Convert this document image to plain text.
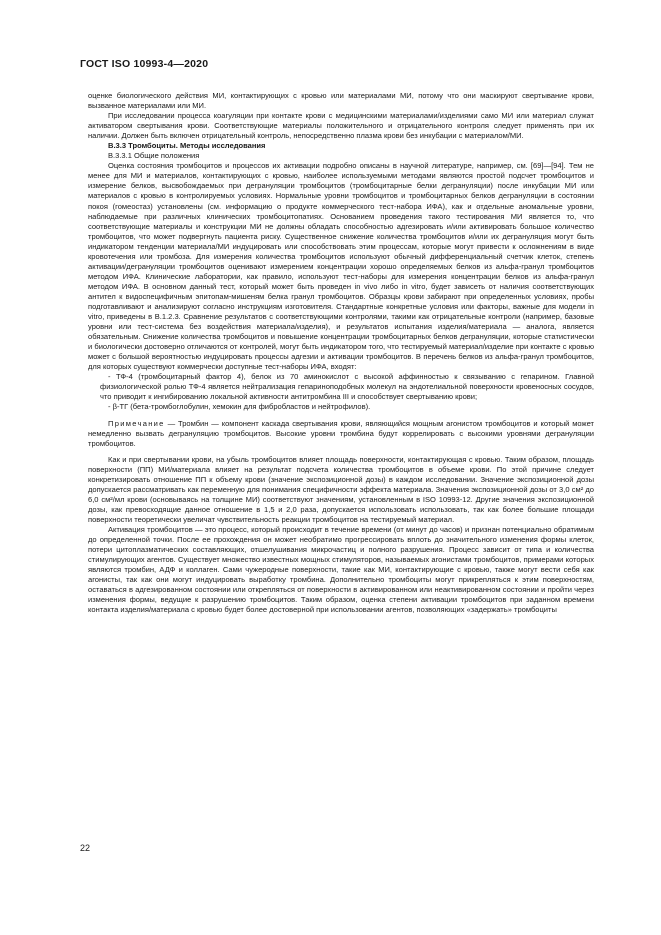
ГОСТ ISO 10993-4—2020

оценке биологического действия МИ, контактирующих с кровью или материалами МИ, потому что они маскируют свертывание крови, вызванное материалами или МИ.

При исследовании процесса коагуляции при контакте крови с медицинскими материалами/изделиями само МИ или материал служат активатором свертывания крови. Соответствующие материалы положительного и отрицательного контроля следует применять при их наличии. Должен быть включен отрицательный контроль, непосредственно плазма крови без инкубации с материалом/МИ.

B.3.3 Тромбоциты. Методы исследования

B.3.3.1 Общие положения

Оценка состояния тромбоцитов и процессов их активации подробно описаны в научной литературе, например, см. [69]—[94]. Тем не менее для МИ и материалов, контактирующих с кровью, наиболее используемыми методами являются простой подсчет тромбоцитов и измерение белков, высвобождаемых при дегрануляции тромбоцитов (тромбоцитарные белки дегрануляции) после инкубации МИ или материалов с кровью в контролируемых условиях. Нормальные уровни тромбоцитов и тромбоцитарных белков дегрануляции в состоянии покоя (гомеостаз) установлены (см. информацию о продукте коммерческого тест-набора ИФА), как и отдельные аномальные уровни, наблюдаемые при различных клинических тромбоцитопатиях. Основанием проведения такого тестирования МИ является то, что соответствующие материалы и конструкции МИ не должны обладать способностью адгезировать и/или активировать большое количество тромбоцитов, что может подвергнуть пациента риску. Существенное снижение количества тромбоцитов и/или их дегрануляция могут быть индикатором тенденции материала/МИ индуцировать или способствовать этим процессам, которые могут привести к осложнениям в виде кровотечения или тромбоза. Для измерения количества тромбоцитов используют обычный дифференциальный счетчик клеток, степень активации/дегрануляции тромбоцитов оценивают измерением концентрации хорошо определяемых белков из альфа-гранул тромбоцитов методом ИФА. Клинические лаборатории, как правило, используют тест-наборы для измерения концентрации белков из альфа-гранул методом ИФА. В основном данный тест, который может быть проведен in vivo либо in vitro, будет зависеть от наличия соответствующих антител к видоспецифичным эпитопам-мишеням белка гранул тромбоцитов. Образцы крови забирают при определенных условиях, пробы подготавливают и анализируют согласно инструкциям изготовителя. Стандартные конкретные условия или факторы, важные для модели in vitro, приведены в B.1.2.3. Сравнение результатов с соответствующими контролями, такими как отрицательные контроли (например, базовые уровни или тест-система без воздействия материала/изделия), и результатов испытания изделия/материала — аналога, является обязательным. Снижение количества тромбоцитов и повышение концентрации тромбоцитарных белков дегрануляции, которые статистически и биологически достоверно отличаются от контролей, могут быть индикатором того, что тестируемый материал/изделие при контакте с кровью может с большой вероятностью индуцировать процессы адгезии и активации тромбоцитов. В перечень белков из альфа-гранул тромбоцитов, для которых существуют коммерчески доступные тест-наборы ИФА, входят:

- ТФ-4 (тромбоцитарный фактор 4), белок из 70 аминокислот с высокой аффинностью к связыванию с гепарином. Главной физиологической ролью ТФ-4 является нейтрализация гепариноподобных молекул на эндотелиальной поверхности кровеносных сосудов, что приводит к ингибированию локальной активности антитромбина III и способствует свертыванию крови;

- β-ТГ (бета-тромбоглобулин, хемокин для фибробластов и нейтрофилов).

Примечание — Тромбин — компонент каскада свертывания крови, являющийся мощным агонистом тромбоцитов и который может немедленно вызвать дегрануляцию тромбоцитов. Высокие уровни тромбина будут коррелировать с высокими уровнями дегрануляции тромбоцитов.

Как и при свертывании крови, на убыль тромбоцитов влияет площадь поверхности, контактирующая с кровью. Таким образом, площадь поверхности (ПП) МИ/материала влияет на результат подсчета количества тромбоцитов в объеме крови. По этой причине следует конкретизировать отношение ПП к объему крови (значение экспозиционной дозы) в каждом исследовании. Значение экспозиционной дозы допускается рассматривать как переменную для понимания специфичности эффекта материала. Значения экспозиционной дозы от 3,0 см² до 6,0 см²/мл крови (основываясь на толщине МИ) соответствуют значениям, установленным в ISO 10993-12. Другие значения экспозиционной дозы, как превосходящие данное отношение в 1,5 и 2,0 раза, допускается использовать использовать, так как более большие площади поверхности теоретически увеличат чувствительность реакции тромбоцитов на тестируемый материал.

Активация тромбоцитов — это процесс, который происходит в течение времени (от минут до часов) и признан потенциально обратимым до определенной точки. После ее прохождения он может необратимо прогрессировать вплоть до значительного изменения формы клеток, потери цитоплазматических составляющих, отшелушивания микрочастиц и полного разрушения. Процесс зависит от типа и количества стимулирующих агентов. Существует множество известных мощных стимуляторов, называемых агонистами тромбоцитов, примерами которых являются тромбин, АДФ и коллаген. Сами чужеродные поверхности, такие как МИ, контактирующие с кровью, также могут вести себя как агонисты, так как они могут индуцировать выработку тромбина. Дополнительно тромбоциты могут прикрепляться к этим поверхностям, оставаться в адгезированном состоянии или открепляться от поверхности в активированном или неактивированном состоянии и пройти через изменения формы, ведущие к разрушению тромбоцитов. Таким образом, оценка степени активации тромбоцитов при заданном времени контакта изделия/материала с кровью будет более достоверной при использовании агентов, позволяющих «задержать» тромбоциты

22
